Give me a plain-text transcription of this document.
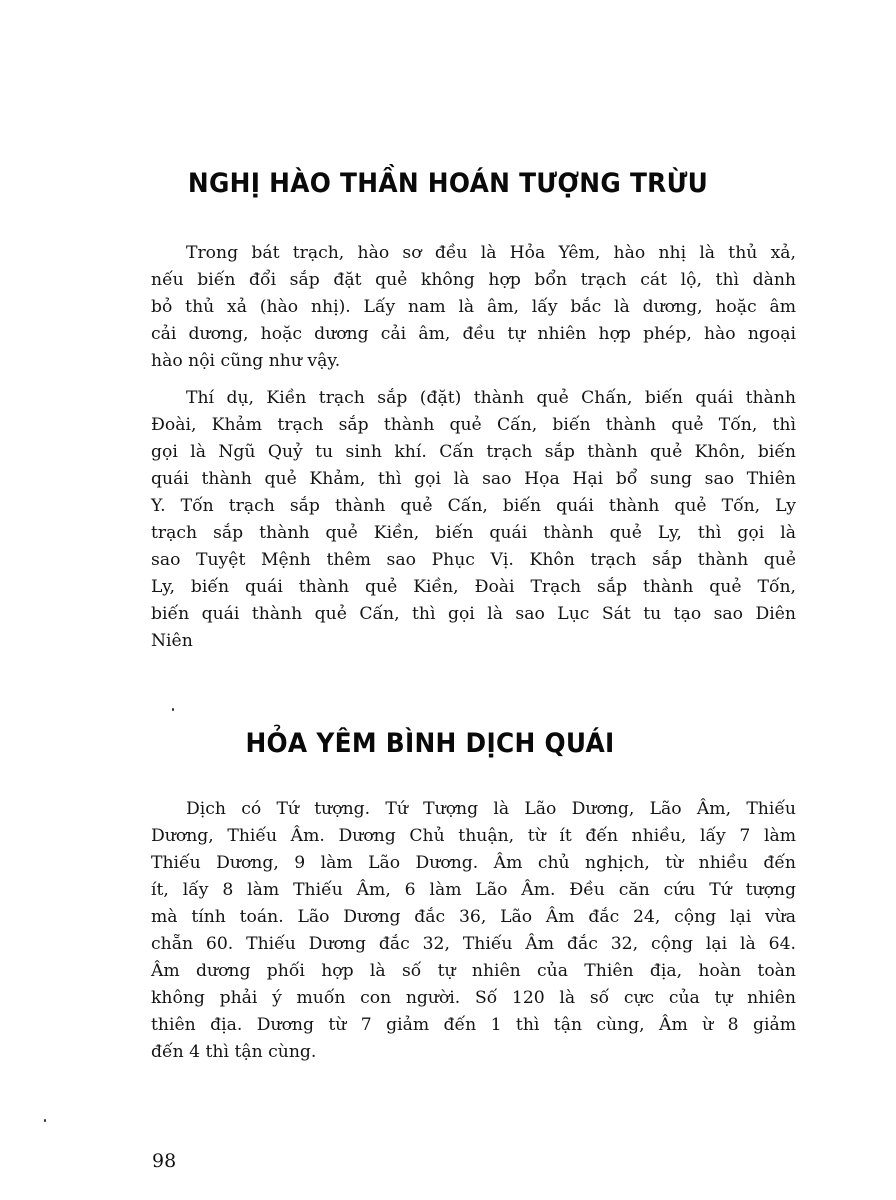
NGHỊ HÀO THẦN HOÁN TƯỢNG TRỪU
Trong bát trạch, hào sơ đều là Hỏa Yêm, hào nhị là thủ xả,
nếu biến đổi sắp đặt quẻ không hợp bổn trạch cát lộ, thì dành
bỏ thủ xả (hào nhị). Lấy nam là âm, lấy bắc là dương, hoặc âm
cải dương, hoặc dương cải âm, đều tự nhiên hợp phép, hào ngoại
hào nội cũng như vậy.
Thí dụ, Kiền trạch sắp (đặt) thành quẻ Chấn, biến quái thành
Đoài, Khảm trạch sắp thành quẻ Cấn, biến thành quẻ Tốn, thì
gọi là Ngũ Quỷ tu sinh khí. Cấn trạch sắp thành quẻ Khôn, biến
quái thành quẻ Khảm, thì gọi là sao Họa Hại bổ sung sao Thiên
Y. Tốn trạch sắp thành quẻ Cấn, biến quái thành quẻ Tốn, Ly
trạch sắp thành quẻ Kiền, biến quái thành quẻ Ly, thì gọi là
sao Tuyệt Mệnh thêm sao Phục Vị. Khôn trạch sắp thành quẻ
Ly, biến quái thành quẻ Kiền, Đoài Trạch sắp thành quẻ Tốn,
biến quái thành quẻ Cấn, thì gọi là sao Lục Sát tu tạo sao Diên
Niên
HỎA YÊM BÌNH DỊCH QUÁI
Dịch có Tứ tượng. Tứ Tượng là Lão Dương, Lão Âm, Thiếu
Dương, Thiếu Âm. Dương Chủ thuận, từ ít đến nhiều, lấy 7 làm
Thiếu Dương, 9 làm Lão Dương. Âm chủ nghịch, từ nhiều đến
ít, lấy 8 làm Thiếu Âm, 6 làm Lão Âm. Đều căn cứu Tứ tượng
mà tính toán. Lão Dương đắc 36, Lão Âm đắc 24, cộng lại vừa
chẵn 60. Thiếu Dương đắc 32, Thiếu Âm đắc 32, cộng lại là 64.
Âm dương phối hợp là số tự nhiên của Thiên địa, hoàn toàn
không phải ý muốn con người. Số 120 là số cực của tự nhiên
thiên địa. Dương từ 7 giảm đến 1 thì tận cùng, Âm ừ 8 giảm
đến 4 thì tận cùng.
98
